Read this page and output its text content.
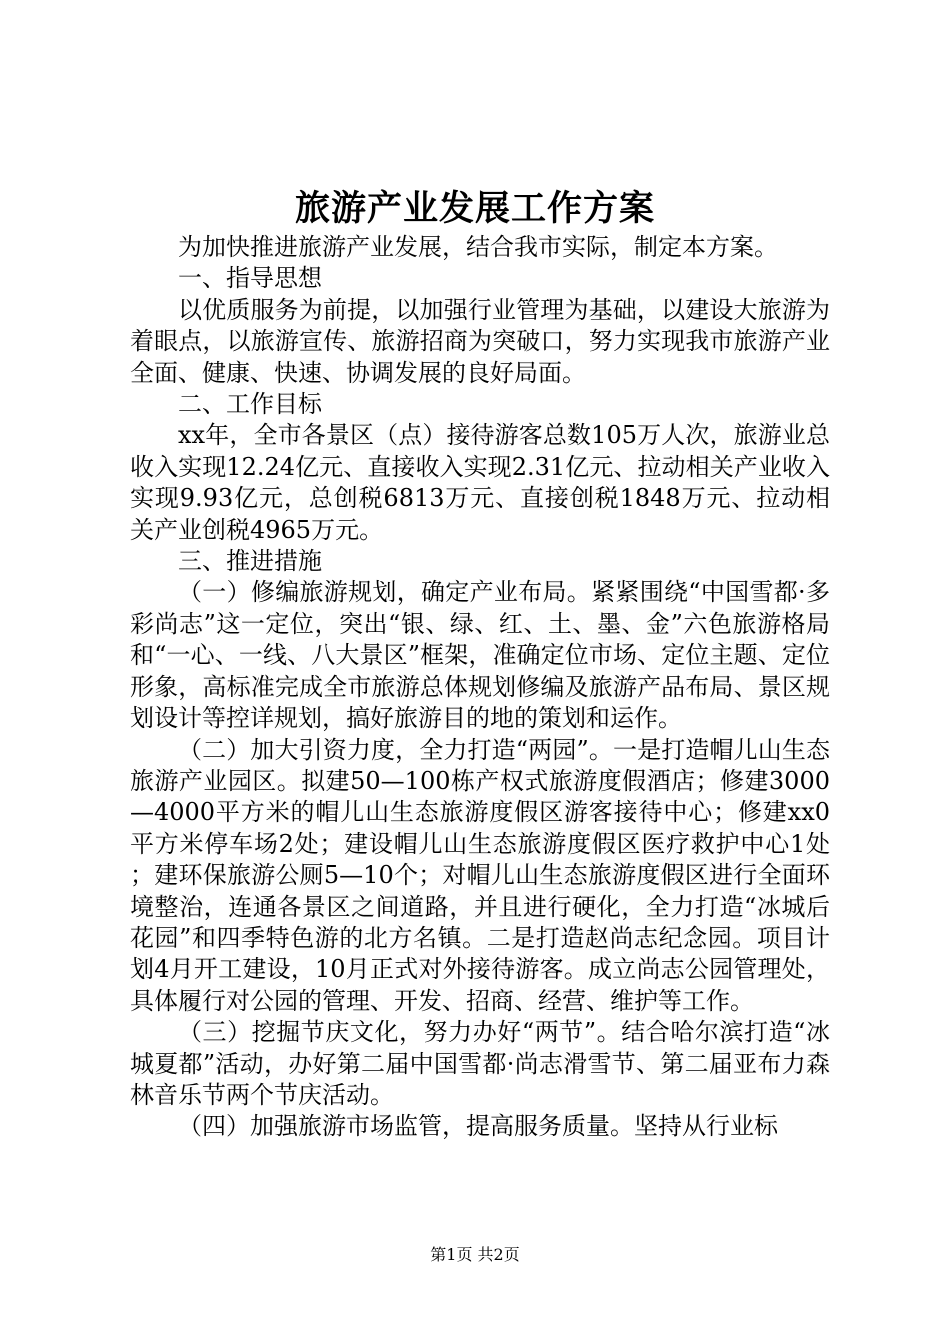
旅游产业发展工作方案

为加快推进旅游产业发展，结合我市实际，制定本方案。

一、指导思想

以优质服务为前提，以加强行业管理为基础，以建设大旅游为着眼点，以旅游宣传、旅游招商为突破口，努力实现我市旅游产业全面、健康、快速、协调发展的良好局面。

二、工作目标

xx年，全市各景区（点）接待游客总数105万人次，旅游业总收入实现12.24亿元、直接收入实现2.31亿元、拉动相关产业收入实现9.93亿元，总创税6813万元、直接创税1848万元、拉动相关产业创税4965万元。

三、推进措施

（一）修编旅游规划，确定产业布局。紧紧围绕“中国雪都·多彩尚志”这一定位，突出“银、绿、红、土、墨、金”六色旅游格局和“一心、一线、八大景区”框架，准确定位市场、定位主题、定位形象，高标准完成全市旅游总体规划修编及旅游产品布局、景区规划设计等控详规划，搞好旅游目的地的策划和运作。

（二）加大引资力度，全力打造“两园”。一是打造帽儿山生态旅游产业园区。拟建50—100栋产权式旅游度假酒店；修建3000—4000平方米的帽儿山生态旅游度假区游客接待中心；修建xx0平方米停车场2处；建设帽儿山生态旅游度假区医疗救护中心1处；建环保旅游公厕5—10个；对帽儿山生态旅游度假区进行全面环境整治，连通各景区之间道路，并且进行硬化，全力打造“冰城后花园”和四季特色游的北方名镇。二是打造赵尚志纪念园。项目计划4月开工建设，10月正式对外接待游客。成立尚志公园管理处，具体履行对公园的管理、开发、招商、经营、维护等工作。

（三）挖掘节庆文化，努力办好“两节”。结合哈尔滨打造“冰城夏都”活动，办好第二届中国雪都·尚志滑雪节、第二届亚布力森林音乐节两个节庆活动。

（四）加强旅游市场监管，提高服务质量。坚持从行业标

第1页 共2页
